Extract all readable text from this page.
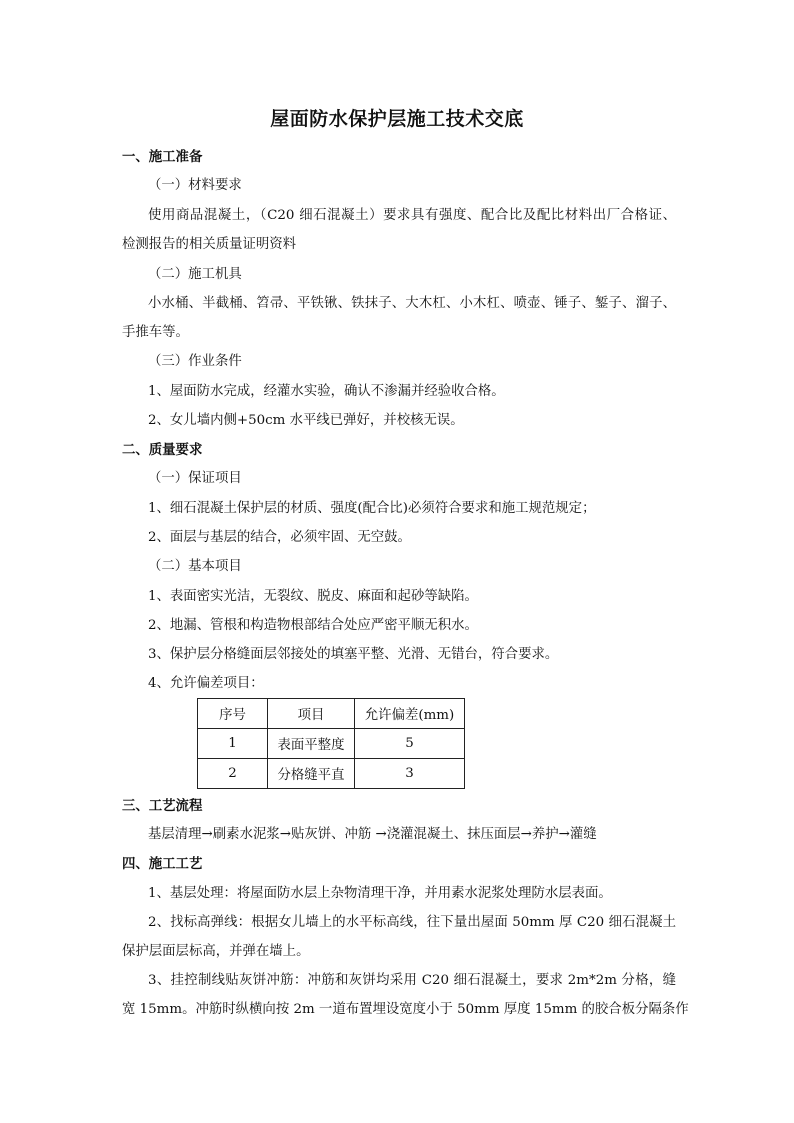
屋面防水保护层施工技术交底
一、施工准备
（一）材料要求
使用商品混凝土，（C20 细石混凝土）要求具有强度、配合比及配比材料出厂合格证、
检测报告的相关质量证明资料
（二）施工机具
小水桶、半截桶、笤帚、平铁锹、铁抹子、大木杠、小木杠、喷壶、锤子、錾子、溜子、
手推车等。
（三）作业条件
1、屋面防水完成，经灌水实验，确认不渗漏并经验收合格。
2、女儿墙内侧+50cm 水平线已弹好，并校核无误。
二、质量要求
（一）保证项目
1、细石混凝土保护层的材质、强度(配合比)必须符合要求和施工规范规定；
2、面层与基层的结合，必须牢固、无空鼓。
（二）基本项目
1、表面密实光洁，无裂纹、脱皮、麻面和起砂等缺陷。
2、地漏、管根和构造物根部结合处应严密平顺无积水。
3、保护层分格缝面层邻接处的填塞平整、光滑、无错台，符合要求。
4、允许偏差项目：
序号	项目	允许偏差(mm)
1	表面平整度	5
2	分格缝平直	3
三、工艺流程
基层清理→刷素水泥浆→贴灰饼、冲筋 →浇灌混凝土、抹压面层→养护→灌缝
四、施工工艺
1、基层处理：将屋面防水层上杂物清理干净，并用素水泥浆处理防水层表面。
2、找标高弹线：根据女儿墙上的水平标高线，往下量出屋面 50mm 厚 C20 细石混凝土
保护层面层标高，并弹在墙上。
3、挂控制线贴灰饼冲筋：冲筋和灰饼均采用 C20 细石混凝土，要求 2m*2m 分格，缝
宽 15mm。冲筋时纵横向按 2m 一道布置埋设宽度小于 50mm 厚度 15mm 的胶合板分隔条作
